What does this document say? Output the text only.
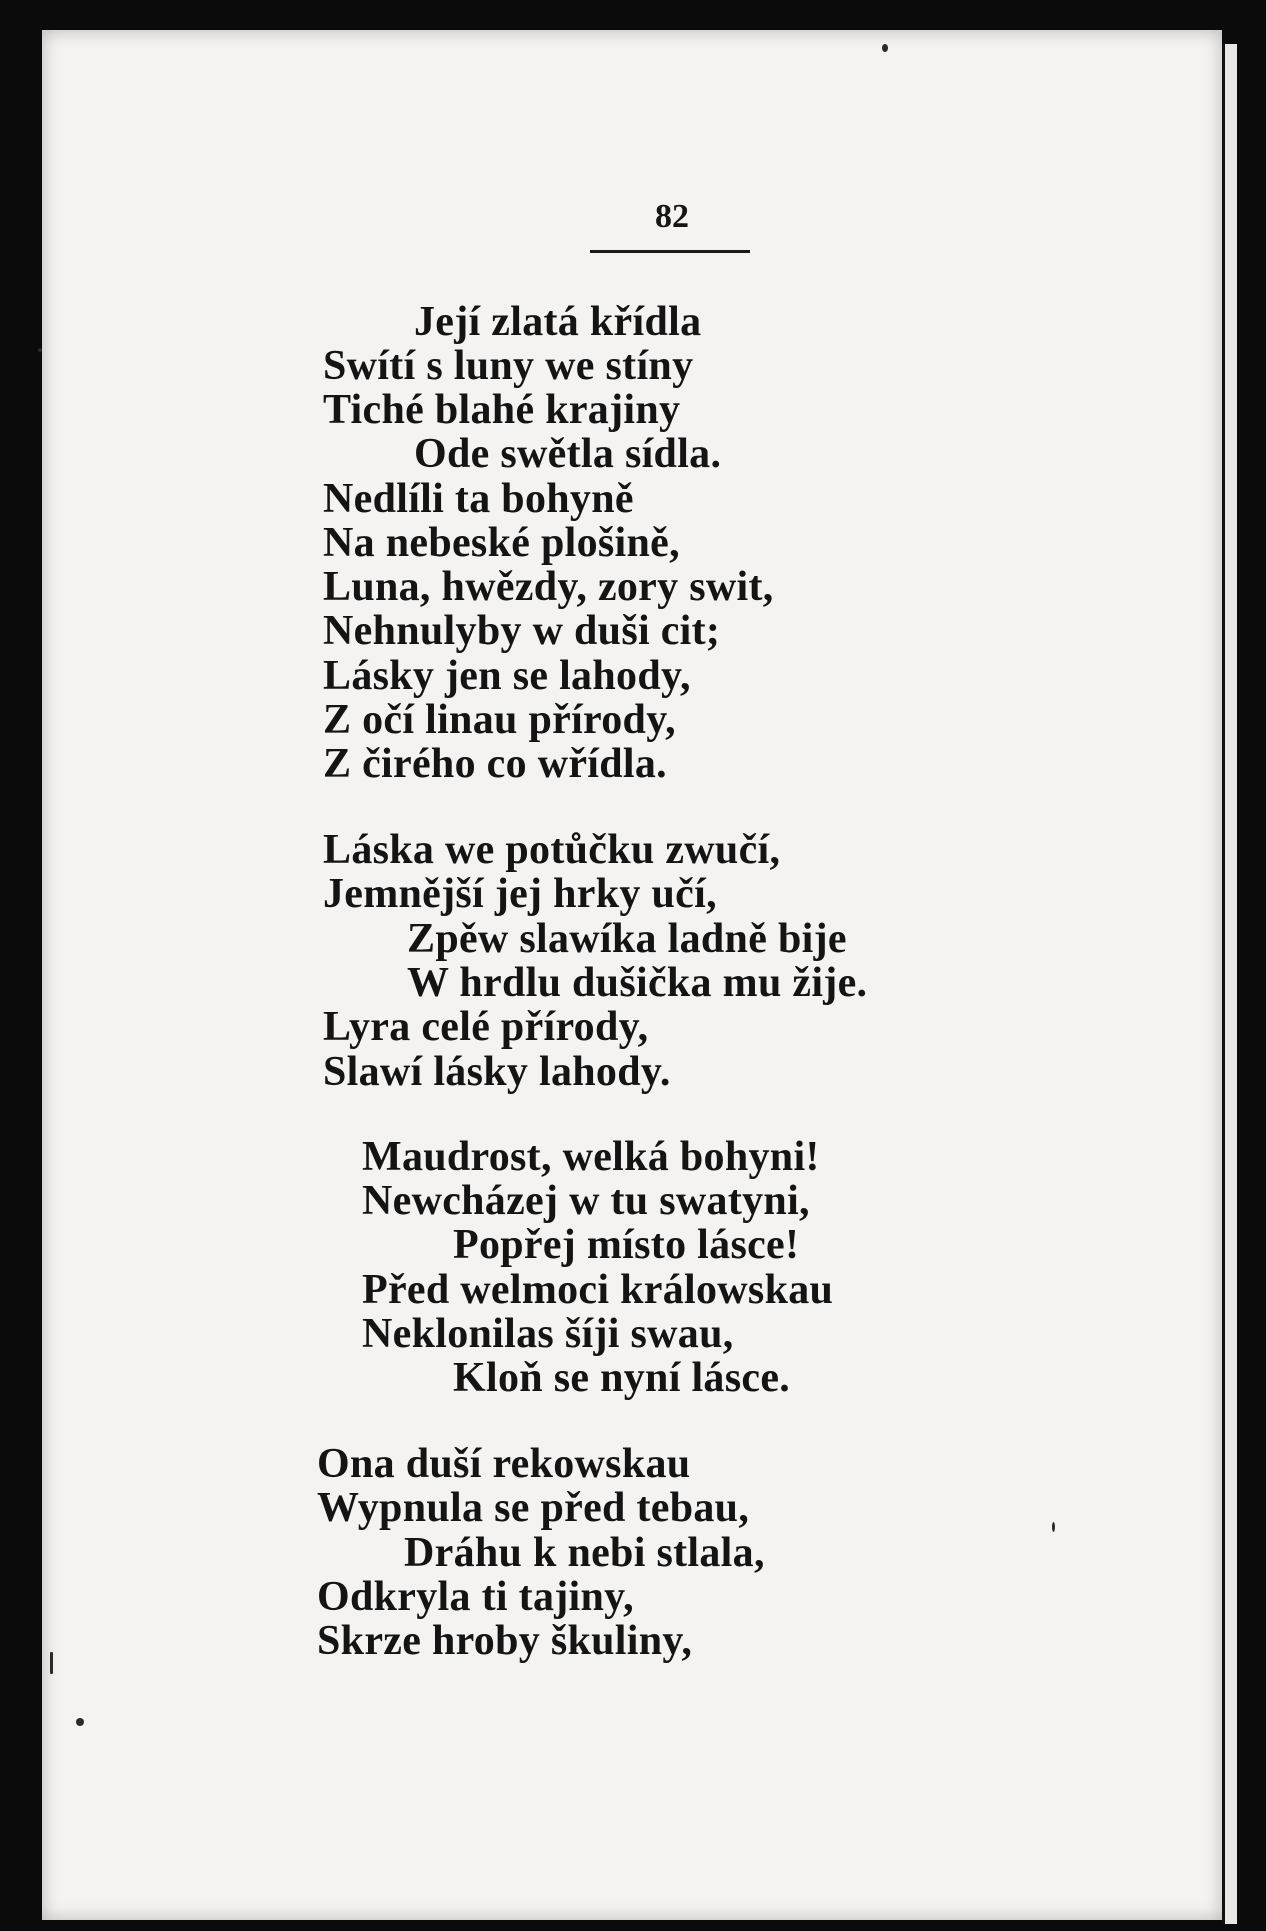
82
Její zlatá křídla
Swítí s luny we stíny
Tiché blahé krajiny
Ode swětla sídla.
Nedlíli ta bohyně
Na nebeské plošině,
Luna, hwězdy, zory swit,
Nehnulyby w duši cit;
Lásky jen se lahody,
Z očí linau přírody,
Z čirého co wřídla.
Láska we potůčku zwučí,
Jemnější jej hrky učí,
Zpěw slawíka ladně bije
W hrdlu dušička mu žije.
Lyra celé přírody,
Slawí lásky lahody.
Maudrost, welká bohyni!
Newcházej w tu swatyni,
Popřej místo lásce!
Před welmoci králowskau
Neklonilas šíji swau,
Kloň se nyní lásce.
Ona duší rekowskau
Wypnula se před tebau,
Dráhu k nebi stlala,
Odkryla ti tajiny,
Skrze hroby škuliny,
